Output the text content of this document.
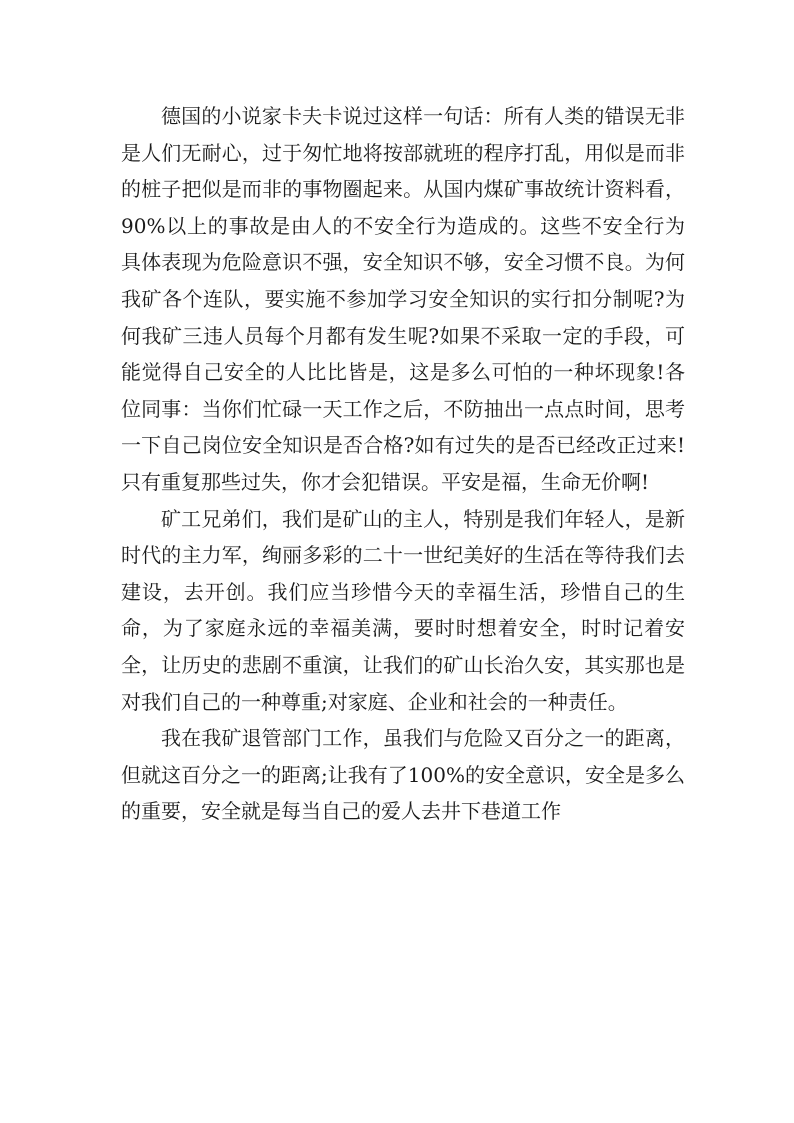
德国的小说家卡夫卡说过这样一句话：所有人类的错误无非是人们无耐心，过于匆忙地将按部就班的程序打乱，用似是而非的桩子把似是而非的事物圈起来。从国内煤矿事故统计资料看，90%以上的事故是由人的不安全行为造成的。这些不安全行为具体表现为危险意识不强，安全知识不够，安全习惯不良。为何我矿各个连队，要实施不参加学习安全知识的实行扣分制呢?为何我矿三违人员每个月都有发生呢?如果不采取一定的手段，可能觉得自己安全的人比比皆是，这是多么可怕的一种坏现象!各位同事：当你们忙碌一天工作之后，不防抽出一点点时间，思考一下自己岗位安全知识是否合格?如有过失的是否已经改正过来!只有重复那些过失，你才会犯错误。平安是福，生命无价啊!

矿工兄弟们，我们是矿山的主人，特别是我们年轻人，是新时代的主力军，绚丽多彩的二十一世纪美好的生活在等待我们去建设，去开创。我们应当珍惜今天的幸福生活，珍惜自己的生命，为了家庭永远的幸福美满，要时时想着安全，时时记着安全，让历史的悲剧不重演，让我们的矿山长治久安，其实那也是对我们自己的一种尊重;对家庭、企业和社会的一种责任。

我在我矿退管部门工作，虽我们与危险又百分之一的距离，但就这百分之一的距离;让我有了100%的安全意识，安全是多么的重要，安全就是每当自己的爱人去井下巷道工作
